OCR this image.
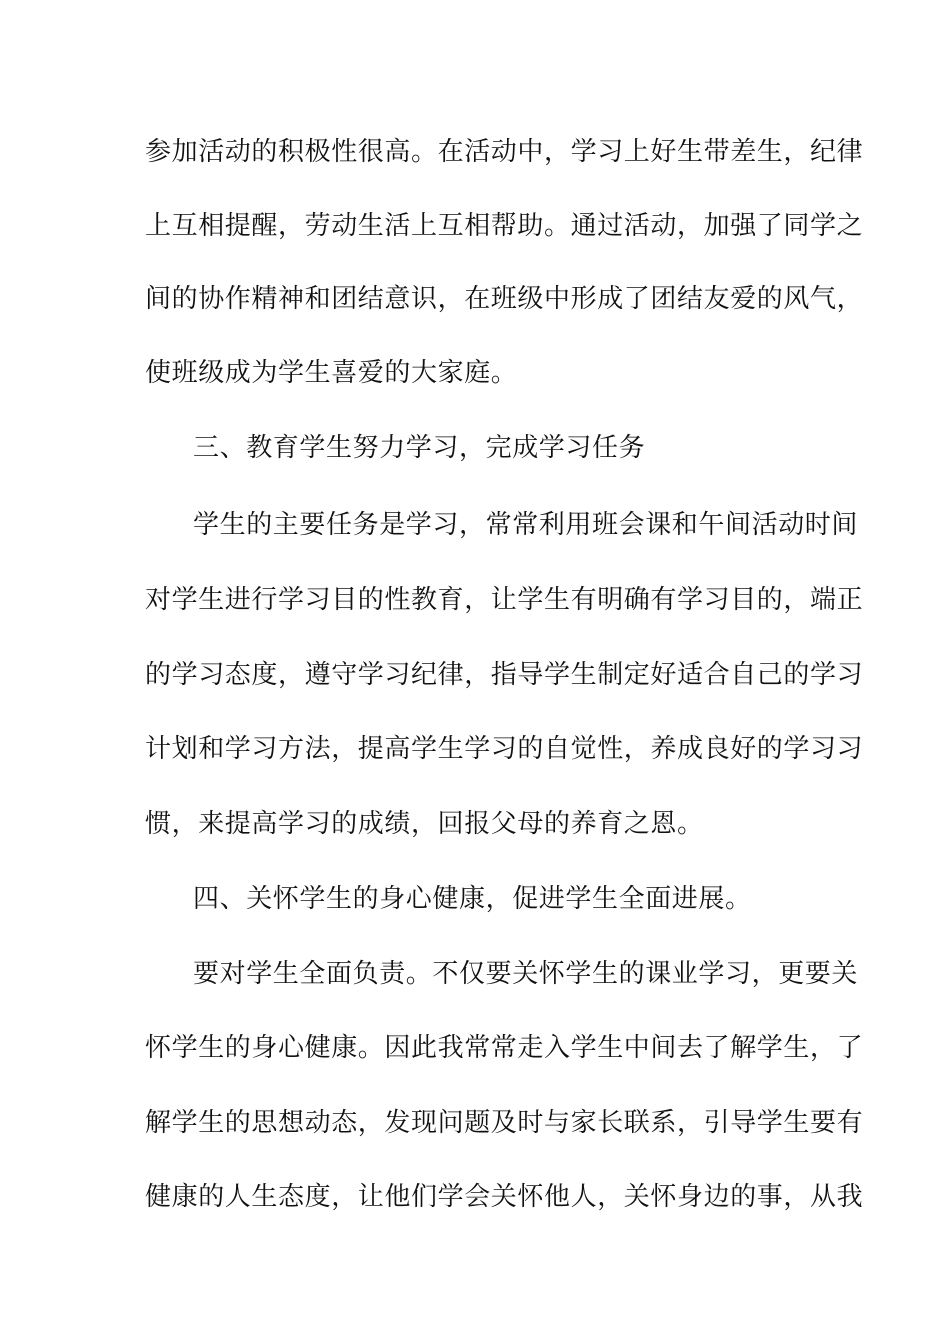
参加活动的积极性很高。在活动中，学习上好生带差生，纪律
上互相提醒，劳动生活上互相帮助。通过活动，加强了同学之
间的协作精神和团结意识，在班级中形成了团结友爱的风气，
使班级成为学生喜爱的大家庭。
三、教育学生努力学习，完成学习任务
学生的主要任务是学习，常常利用班会课和午间活动时间
对学生进行学习目的性教育，让学生有明确有学习目的，端正
的学习态度，遵守学习纪律，指导学生制定好适合自己的学习
计划和学习方法，提高学生学习的自觉性，养成良好的学习习
惯，来提高学习的成绩，回报父母的养育之恩。
四、关怀学生的身心健康，促进学生全面进展。
要对学生全面负责。不仅要关怀学生的课业学习，更要关
怀学生的身心健康。因此我常常走入学生中间去了解学生，了
解学生的思想动态，发现问题及时与家长联系，引导学生要有
健康的人生态度，让他们学会关怀他人，关怀身边的事，从我
